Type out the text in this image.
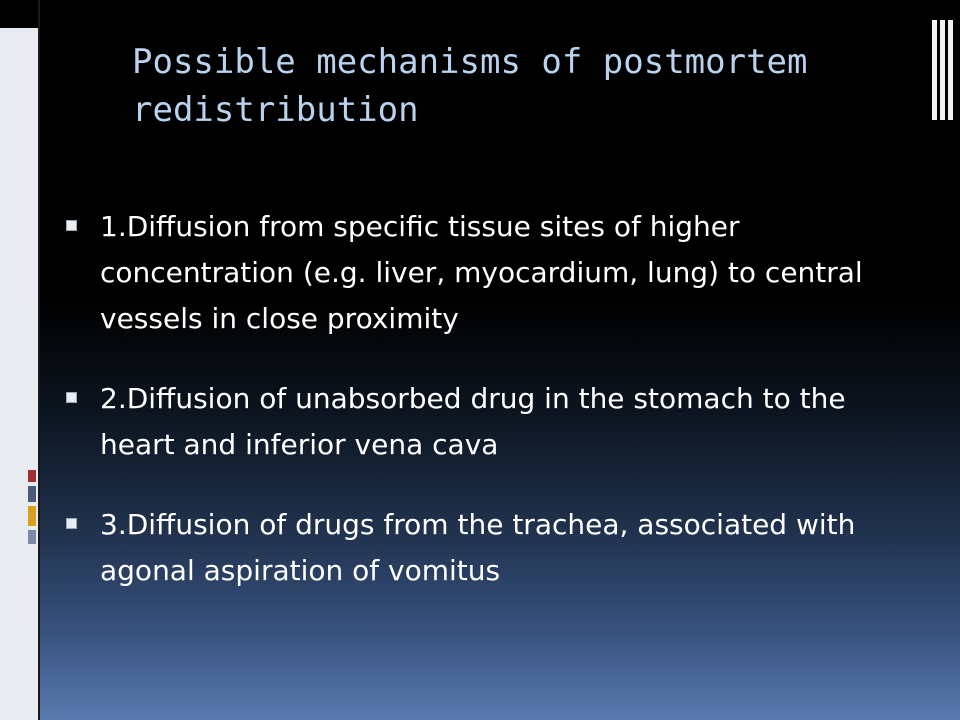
Possible mechanisms of postmortem redistribution
1.Diffusion from specific tissue sites of higher concentration (e.g. liver, myocardium, lung) to central vessels in close proximity
2.Diffusion of unabsorbed drug in the stomach to the heart and inferior vena cava
3.Diffusion of drugs from the trachea, associated with agonal aspiration of vomitus
